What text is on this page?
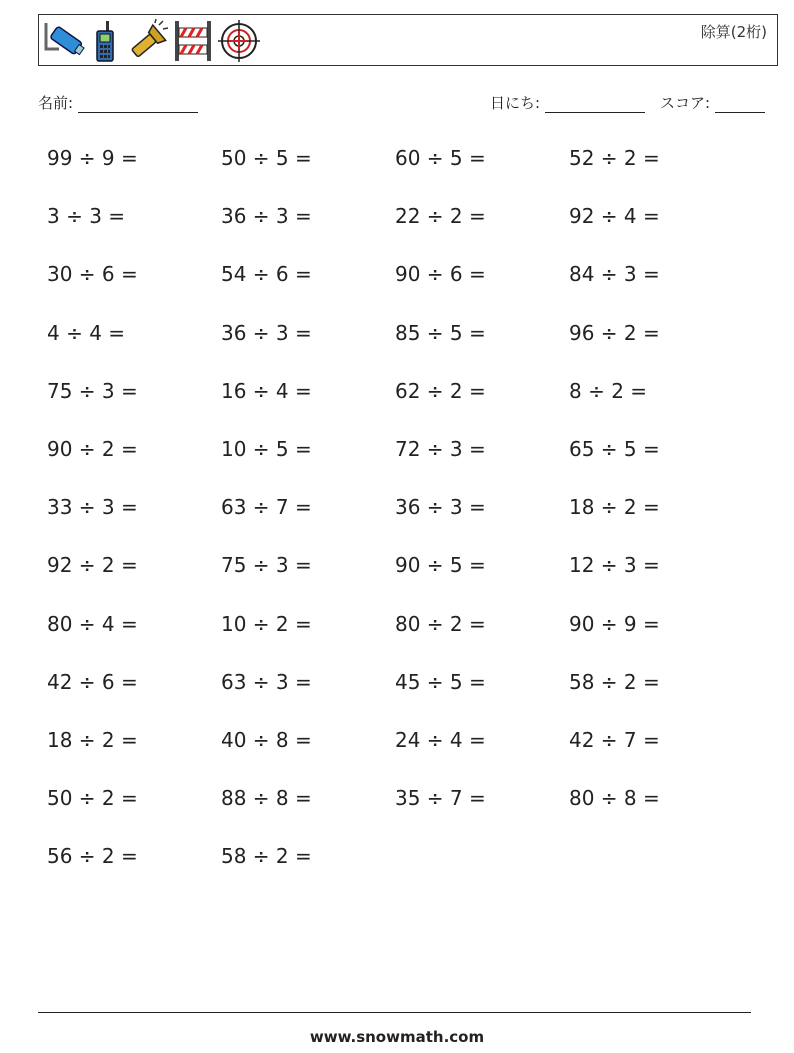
除算(2桁)
名前:	日にち:	スコア:
99 ÷ 9 =	50 ÷ 5 =	60 ÷ 5 =	52 ÷ 2 =
3 ÷ 3 =	36 ÷ 3 =	22 ÷ 2 =	92 ÷ 4 =
30 ÷ 6 =	54 ÷ 6 =	90 ÷ 6 =	84 ÷ 3 =
4 ÷ 4 =	36 ÷ 3 =	85 ÷ 5 =	96 ÷ 2 =
75 ÷ 3 =	16 ÷ 4 =	62 ÷ 2 =	8 ÷ 2 =
90 ÷ 2 =	10 ÷ 5 =	72 ÷ 3 =	65 ÷ 5 =
33 ÷ 3 =	63 ÷ 7 =	36 ÷ 3 =	18 ÷ 2 =
92 ÷ 2 =	75 ÷ 3 =	90 ÷ 5 =	12 ÷ 3 =
80 ÷ 4 =	10 ÷ 2 =	80 ÷ 2 =	90 ÷ 9 =
42 ÷ 6 =	63 ÷ 3 =	45 ÷ 5 =	58 ÷ 2 =
18 ÷ 2 =	40 ÷ 8 =	24 ÷ 4 =	42 ÷ 7 =
50 ÷ 2 =	88 ÷ 8 =	35 ÷ 7 =	80 ÷ 8 =
56 ÷ 2 =	58 ÷ 2 =
www.snowmath.com
